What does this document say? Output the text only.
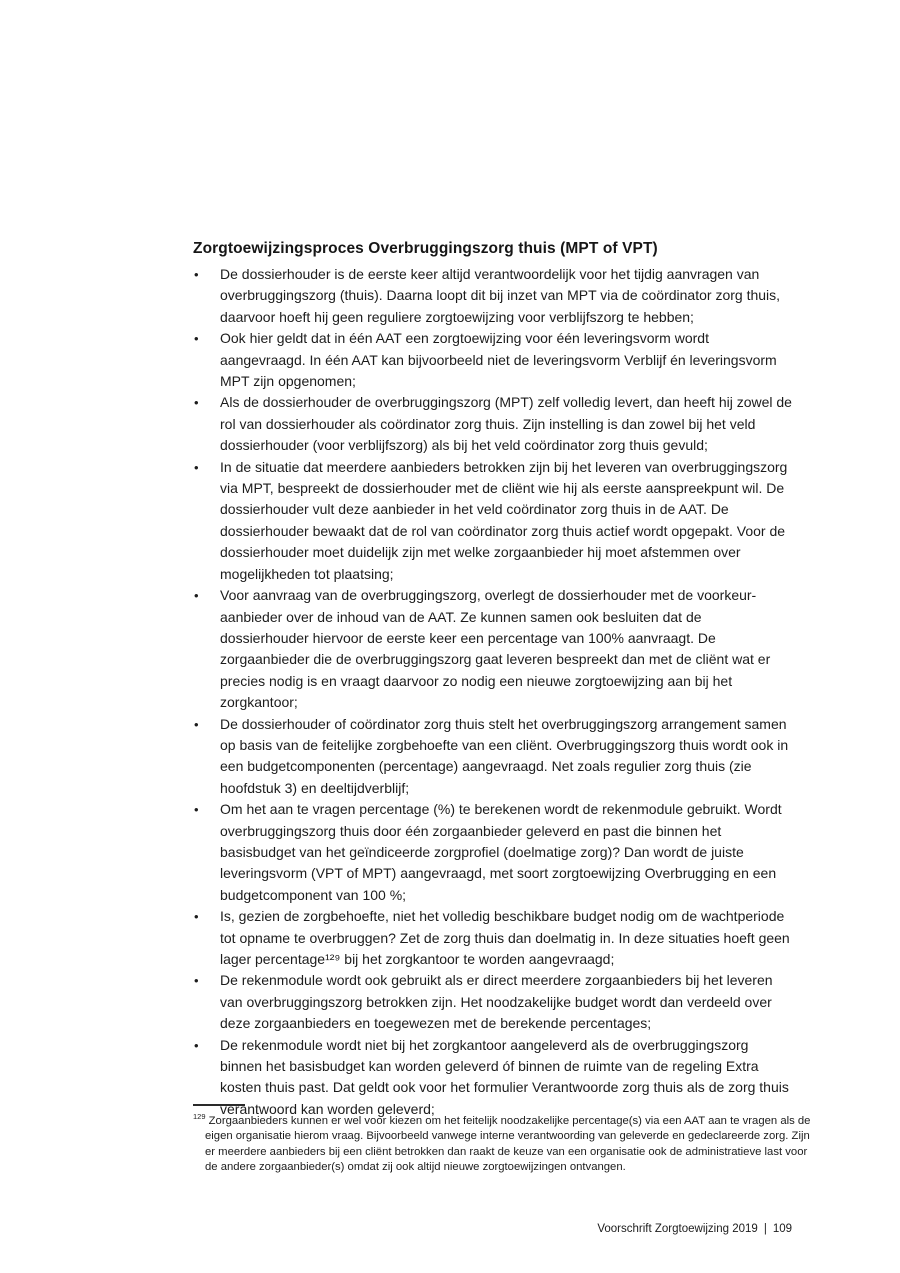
Zorgtoewijzingsproces Overbruggingszorg thuis (MPT of VPT)
• De dossierhouder is de eerste keer altijd verantwoordelijk voor het tijdig aanvragen van overbruggingszorg (thuis). Daarna loopt dit bij inzet van MPT via de coördinator zorg thuis, daarvoor hoeft hij geen reguliere zorgtoewijzing voor verblijfszorg te hebben;
• Ook hier geldt dat in één AAT een zorgtoewijzing voor één leveringsvorm wordt aangevraagd. In één AAT kan bijvoorbeeld niet de leveringsvorm Verblijf én leveringsvorm MPT zijn opgenomen;
• Als de dossierhouder de overbruggingszorg (MPT) zelf volledig levert, dan heeft hij zowel de rol van dossierhouder als coördinator zorg thuis. Zijn instelling is dan zowel bij het veld dossierhouder (voor verblijfszorg) als bij het veld coördinator zorg thuis gevuld;
• In de situatie dat meerdere aanbieders betrokken zijn bij het leveren van overbruggingszorg via MPT, bespreekt de dossierhouder met de cliënt wie hij als eerste aanspreekpunt wil. De dossierhouder vult deze aanbieder in het veld coördinator zorg thuis in de AAT. De dossierhouder bewaakt dat de rol van coördinator zorg thuis actief wordt opgepakt. Voor de dossierhouder moet duidelijk zijn met welke zorgaanbieder hij moet afstemmen over mogelijkheden tot plaatsing;
• Voor aanvraag van de overbruggingszorg, overlegt de dossierhouder met de voorkeur-aanbieder over de inhoud van de AAT. Ze kunnen samen ook besluiten dat de dossierhouder hiervoor de eerste keer een percentage van 100% aanvraagt. De zorgaanbieder die de overbruggingszorg gaat leveren bespreekt dan met de cliënt wat er precies nodig is en vraagt daarvoor zo nodig een nieuwe zorgtoewijzing aan bij het zorgkantoor;
• De dossierhouder of coördinator zorg thuis stelt het overbruggingszorg arrangement samen op basis van de feitelijke zorgbehoefte van een cliënt. Overbruggingszorg thuis wordt ook in een budgetcomponenten (percentage) aangevraagd. Net zoals regulier zorg thuis (zie hoofdstuk 3) en deeltijdverblijf;
• Om het aan te vragen percentage (%) te berekenen wordt de rekenmodule gebruikt. Wordt overbruggingszorg thuis door één zorgaanbieder geleverd en past die binnen het basisbudget van het geïndiceerde zorgprofiel (doelmatige zorg)? Dan wordt de juiste leveringsvorm (VPT of MPT) aangevraagd, met soort zorgtoewijzing Overbrugging en een budgetcomponent van 100 %;
• Is, gezien de zorgbehoefte, niet het volledig beschikbare budget nodig om de wachtperiode tot opname te overbruggen? Zet de zorg thuis dan doelmatig in. In deze situaties hoeft geen lager percentage¹²⁹ bij het zorgkantoor te worden aangevraagd;
• De rekenmodule wordt ook gebruikt als er direct meerdere zorgaanbieders bij het leveren van overbruggingszorg betrokken zijn. Het noodzakelijke budget wordt dan verdeeld over deze zorgaanbieders en toegewezen met de berekende percentages;
• De rekenmodule wordt niet bij het zorgkantoor aangeleverd als de overbruggingszorg binnen het basisbudget kan worden geleverd óf binnen de ruimte van de regeling Extra kosten thuis past. Dat geldt ook voor het formulier Verantwoorde zorg thuis als de zorg thuis verantwoord kan worden geleverd;
$^{129}$ Zorgaanbieders kunnen er wel voor kiezen om het feitelijk noodzakelijke percentage(s) via een AAT aan te vragen als de eigen organisatie hierom vraag. Bijvoorbeeld vanwege interne verantwoording van geleverde en gedeclareerde zorg. Zijn er meerdere aanbieders bij een cliënt betrokken dan raakt de keuze van een organisatie ook de administratieve last voor de andere zorgaanbieder(s) omdat zij ook altijd nieuwe zorgtoewijzingen ontvangen.
Voorschrift Zorgtoewijzing 2019 | 109
